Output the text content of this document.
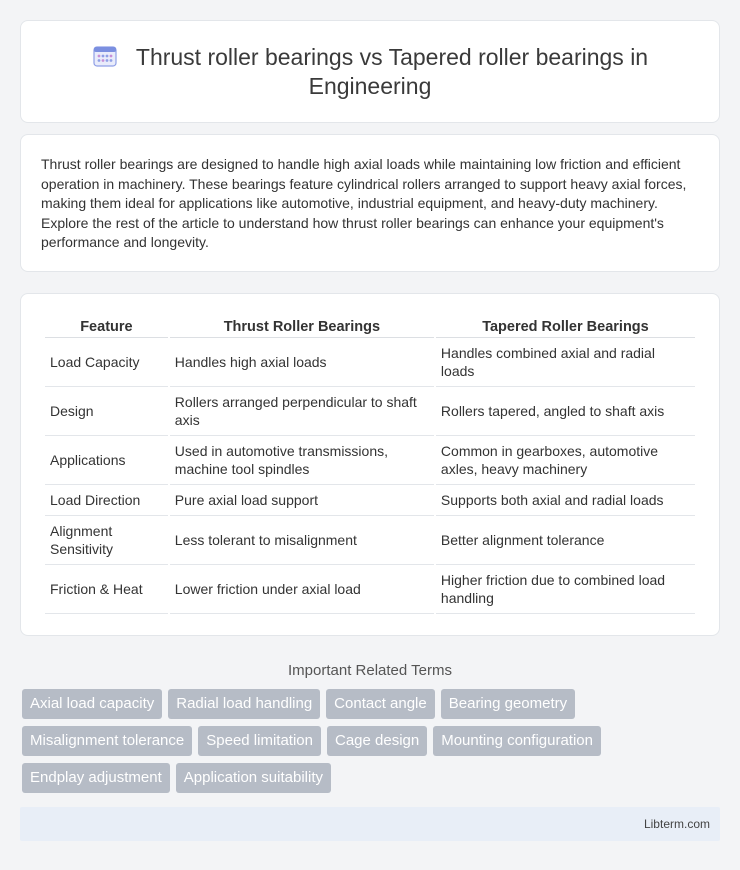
Thrust roller bearings vs Tapered roller bearings in Engineering

Thrust roller bearings are designed to handle high axial loads while maintaining low friction and efficient operation in machinery. These bearings feature cylindrical rollers arranged to support heavy axial forces, making them ideal for applications like automotive, industrial equipment, and heavy-duty machinery. Explore the rest of the article to understand how thrust roller bearings can enhance your equipment's performance and longevity.

Feature	Thrust Roller Bearings	Tapered Roller Bearings
Load Capacity	Handles high axial loads	Handles combined axial and radial loads
Design	Rollers arranged perpendicular to shaft axis	Rollers tapered, angled to shaft axis
Applications	Used in automotive transmissions, machine tool spindles	Common in gearboxes, automotive axles, heavy machinery
Load Direction	Pure axial load support	Supports both axial and radial loads
Alignment Sensitivity	Less tolerant to misalignment	Better alignment tolerance
Friction & Heat	Lower friction under axial load	Higher friction due to combined load handling
Important Related Terms
Axial load capacity	Radial load handling	Contact angle	Bearing geometry
Misalignment tolerance	Speed limitation	Cage design	Mounting configuration
Endplay adjustment	Application suitability
Libterm.com
